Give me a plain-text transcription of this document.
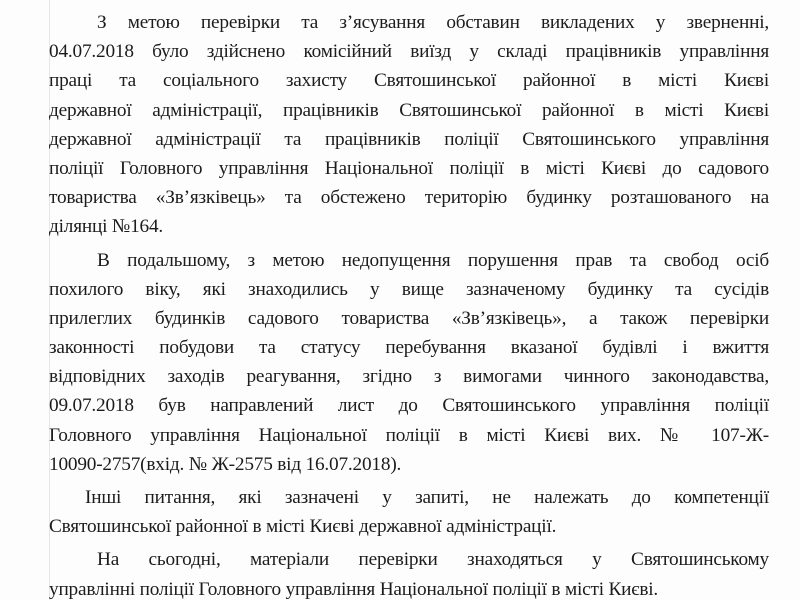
З метою перевірки та з’ясування обставин викладених у зверненні,
04.07.2018 було здійснено комісійний виїзд у складі працівників управління
праці та соціального захисту Святошинської районної в місті Києві
державної адміністрації, працівників Святошинської районної в місті Києві
державної адміністрації та працівників поліції Святошинського управління
поліції Головного управління Національної поліції в місті Києві до садового
товариства «Зв’язківець» та обстежено територію будинку розташованого на
ділянці №164.

В подальшому, з метою недопущення порушення прав та свобод осіб
похилого віку, які знаходились у вище зазначеному будинку та сусідів
прилеглих будинків садового товариства «Зв’язківець», а також перевірки
законності побудови та статусу перебування вказаної будівлі і вжиття
відповідних заходів реагування, згідно з вимогами чинного законодавства,
09.07.2018 був направлений лист до Святошинського управління поліції
Головного управління Національної поліції в місті Києві вих. № 107-Ж-
10090-2757(вхід. № Ж-2575 від 16.07.2018).

Інші питання, які зазначені у запиті, не належать до компетенції
Святошинської районної в місті Києві державної адміністрації.

На сьогодні, матеріали перевірки знаходяться у Святошинському
управлінні поліції Головного управління Національної поліції в місті Києві.
